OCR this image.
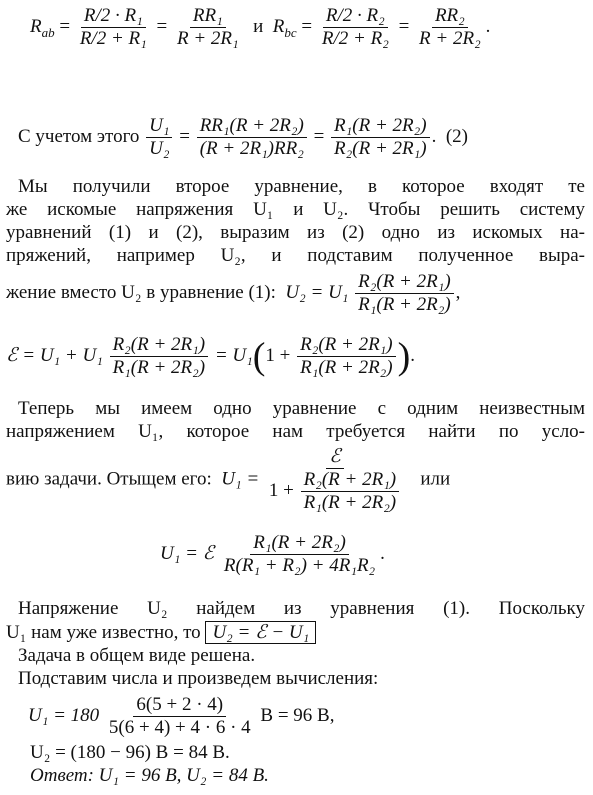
$R_{ab} = \frac{\text{R/2 · R₁}}{\text{R/2 + R₁}} = \frac{\text{RR₁}}{\text{R + 2R₁}}$ и $R_{bc} = \frac{\text{R/2 · R₂}}{\text{R/2 + R₂}} = \frac{\text{RR₂}}{\text{R + 2R₂}}$ .
С учетом этого $\frac{\text{U₁}}{\text{U₂}} = \frac{\text{RR₁(R + 2R₂)}}{\text{(R + 2R₁)RR₂}} = \frac{\text{R₁(R + 2R₂)}}{\text{R₂(R + 2R₁)}}$ .  (2)
Мы получили второе уравнение, в которое входят те
же искомые напряжения U₁ и U₂. Чтобы решить систему
уравнений (1) и (2), выразим из (2) одно из искомых на-
пряжений, например U₂, и подставим полученное выра-
жение вместо U₂ в уравнение (1): $U_2 = U_1 \frac{\text{R₂(R + 2R₁)}}{\text{R₁(R + 2R₂)}}$ ,
ℰ = $U_1 + U_1 \frac{\text{R₂(R + 2R₁)}}{\text{R₁(R + 2R₂)}} = U_1(1 + \frac{\text{R₂(R + 2R₁)}}{\text{R₁(R + 2R₂)}}$ ).
Теперь мы имеем одно уравнение с одним неизвестным
напряжением U₁, которое нам требуется найти по усло-
вию задачи. Отыщем его: $U_1 = \frac{\text{ℰ}}{1 + \frac{\text{R₂(R + 2R₁)}}{\text{R₁(R + 2R₂)}}}$ или
U₁ = ℰ $\frac{\text{R₁(R + 2R₂)}}{\text{R(R₁ + R₂) + 4R₁R₂}}$ .
Напряжение U₂ найдем из уравнения (1). Поскольку
U₁ нам уже известно, то U₂ = ℰ − U₁
Задача в общем виде решена.
Подставим числа и произведем вычисления:
$U_1 = 180 \frac{6(5 + 2 \cdot 4)}{5(6 + 4) + 4 \cdot 6 \cdot 4}$ В = 96 В,
U₂ = (180 − 96) В = 84 В.
Ответ: U₁ = 96 В, U₂ = 84 В.
